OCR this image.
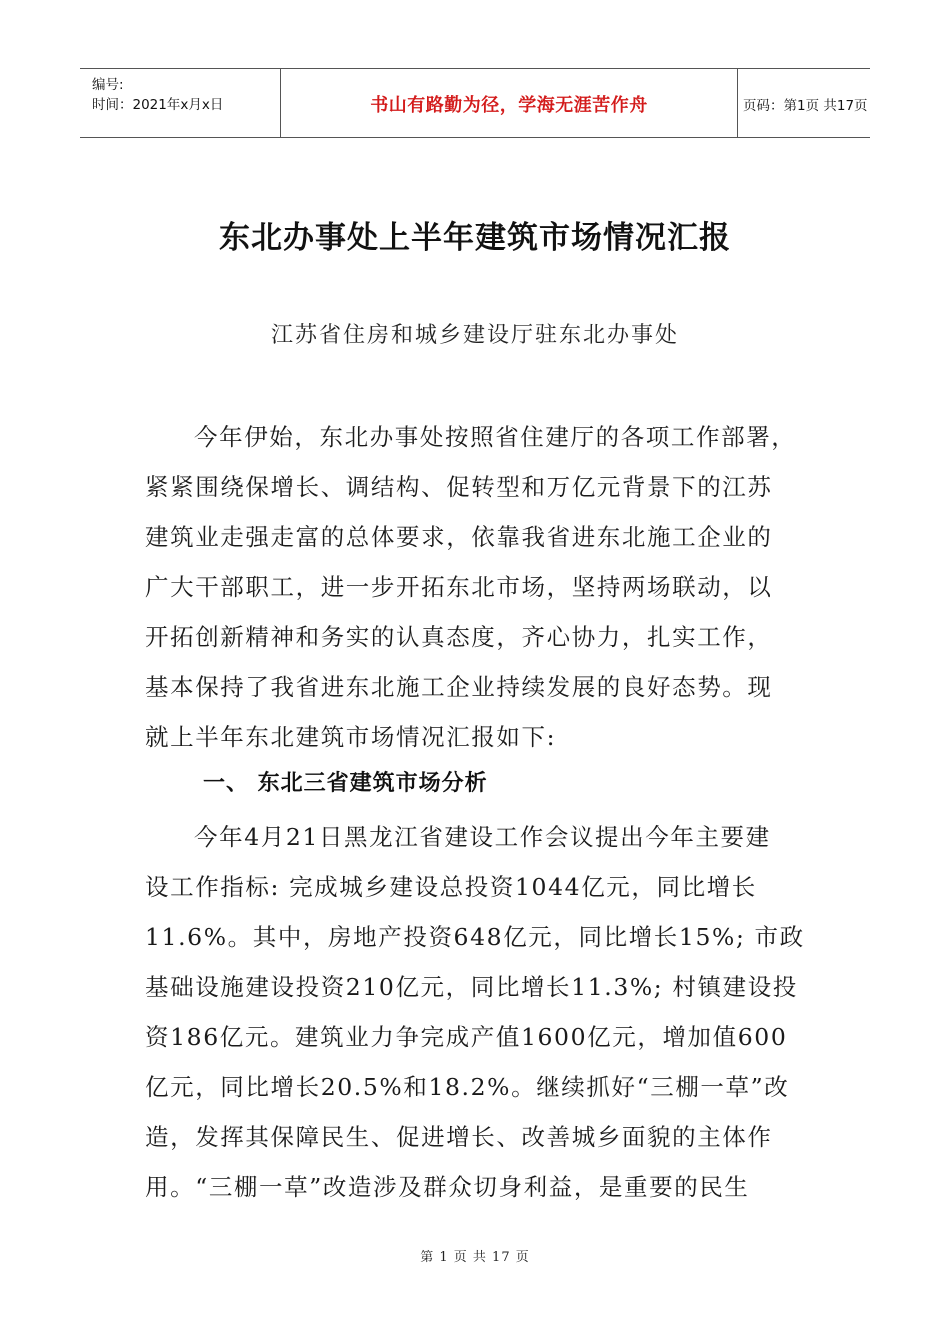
编号:
时间：2021年x月x日	书山有路勤为径，学海无涯苦作舟	页码：第1页 共17页
东北办事处上半年建筑市场情况汇报
江苏省住房和城乡建设厅驻东北办事处
今年伊始，东北办事处按照省住建厅的各项工作部署，
紧紧围绕保增长、调结构、促转型和万亿元背景下的江苏
建筑业走强走富的总体要求，依靠我省进东北施工企业的
广大干部职工，进一步开拓东北市场，坚持两场联动，以
开拓创新精神和务实的认真态度，齐心协力，扎实工作，
基本保持了我省进东北施工企业持续发展的良好态势。现
就上半年东北建筑市场情况汇报如下:
一、 东北三省建筑市场分析
今年4月21日黑龙江省建设工作会议提出今年主要建
设工作指标: 完成城乡建设总投资1044亿元，同比增长
11.6%。其中，房地产投资648亿元，同比增长15%; 市政
基础设施建设投资210亿元，同比增长11.3%; 村镇建设投
资186亿元。建筑业力争完成产值1600亿元，增加值600
亿元，同比增长20.5%和18.2%。继续抓好“三棚一草”改
造，发挥其保障民生、促进增长、改善城乡面貌的主体作
用。“三棚一草”改造涉及群众切身利益，是重要的民生
第 1 页 共 17 页
